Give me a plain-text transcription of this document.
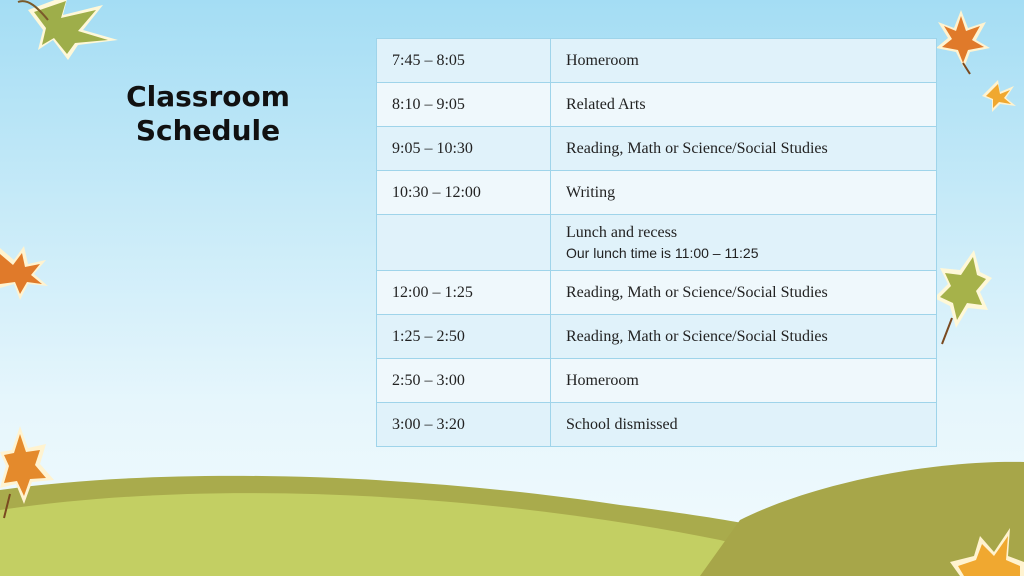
Classroom
Schedule
7:45 – 8:05	Homeroom
8:10 – 9:05	Related Arts
9:05 – 10:30	Reading, Math or Science/Social Studies
10:30 – 12:00	Writing
	Lunch and recess
Our lunch time is 11:00 – 11:25

12:00 – 1:25	Reading, Math or Science/Social Studies
1:25 – 2:50	Reading, Math or Science/Social Studies
2:50 – 3:00	Homeroom
3:00 – 3:20	School dismissed
